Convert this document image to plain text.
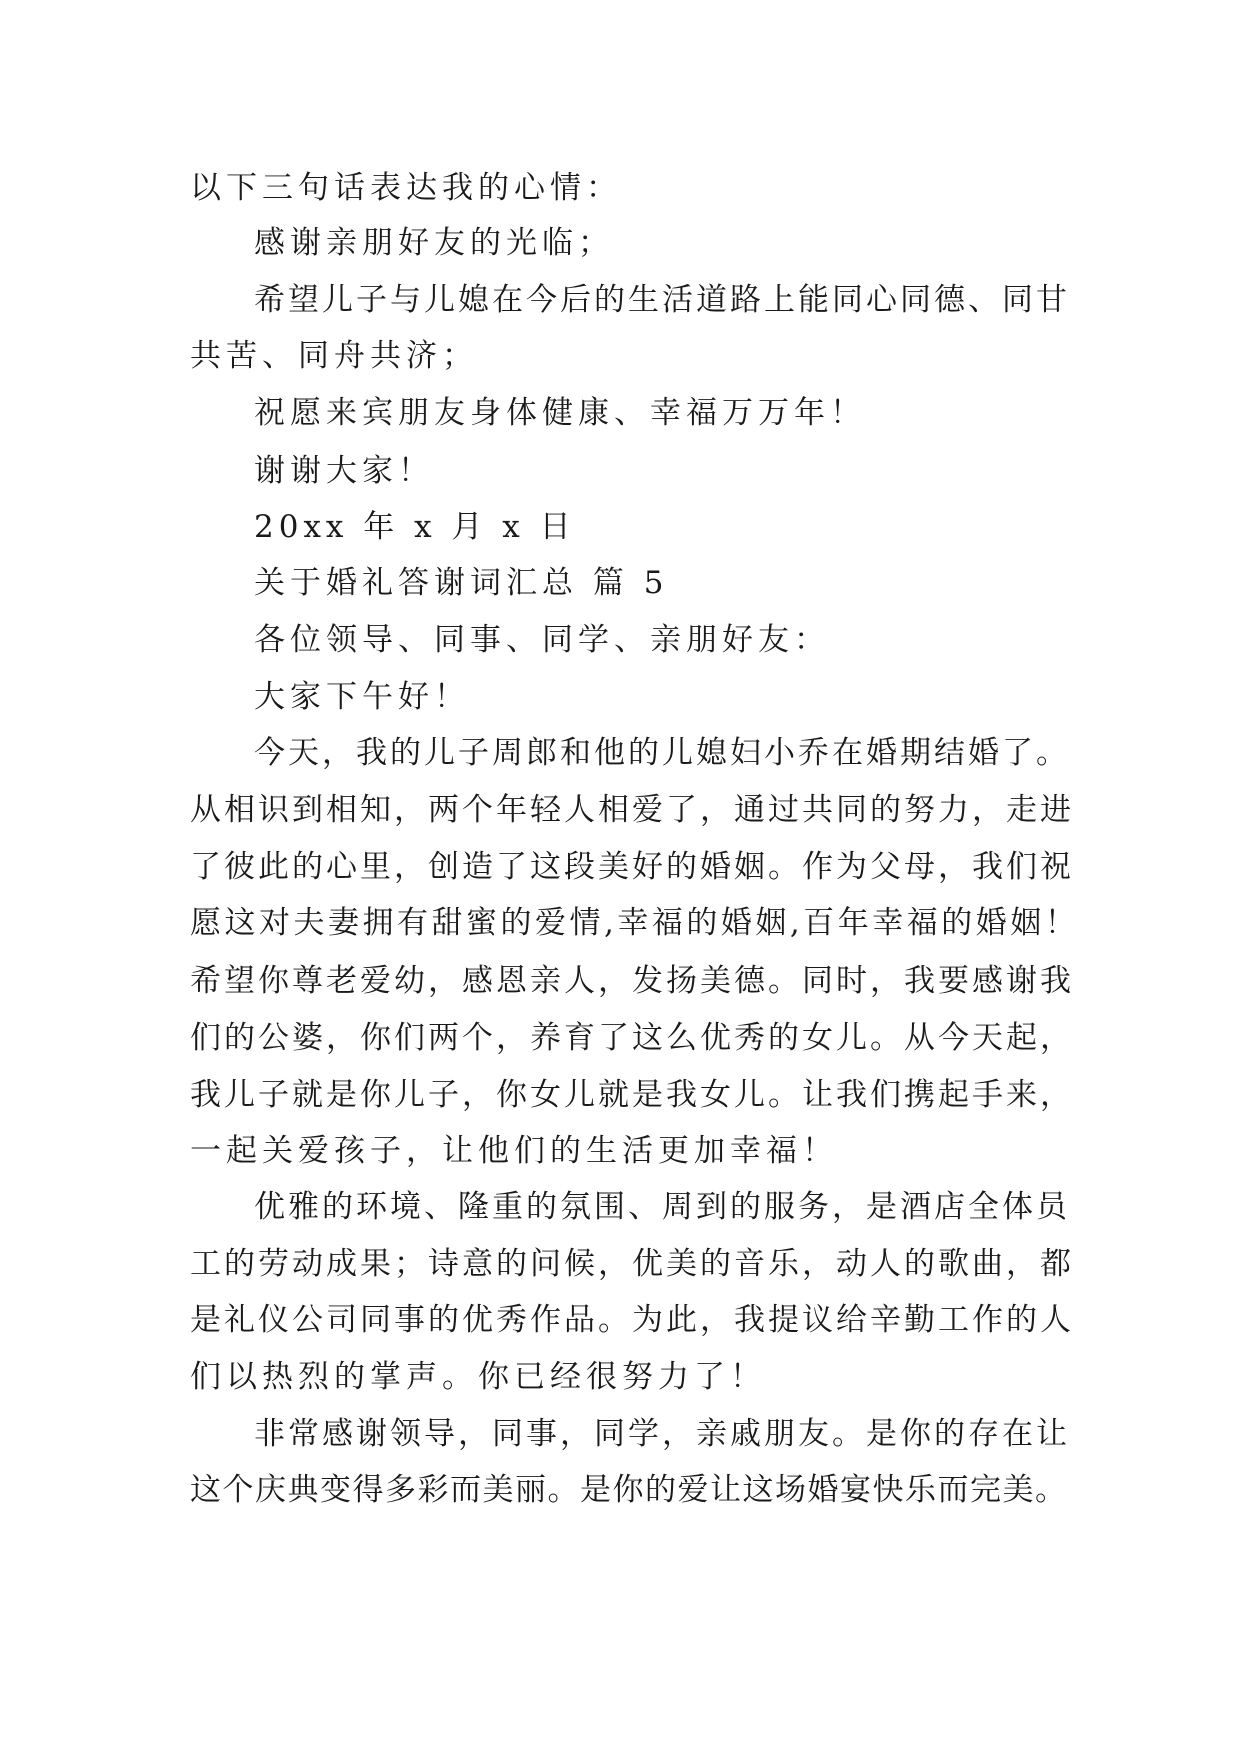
以下三句话表达我的心情：
感谢亲朋好友的光临；
希望儿子与儿媳在今后的生活道路上能同心同德、同甘
共苦、同舟共济；
祝愿来宾朋友身体健康、幸福万万年！
谢谢大家！
20xx 年 x 月 x 日
关于婚礼答谢词汇总 篇 5
各位领导、同事、同学、亲朋好友：
大家下午好！
今天，我的儿子周郎和他的儿媳妇小乔在婚期结婚了。
从相识到相知，两个年轻人相爱了，通过共同的努力，走进
了彼此的心里，创造了这段美好的婚姻。作为父母，我们祝
愿这对夫妻拥有甜蜜的爱情,幸福的婚姻,百年幸福的婚姻！
希望你尊老爱幼，感恩亲人，发扬美德。同时，我要感谢我
们的公婆，你们两个，养育了这么优秀的女儿。从今天起，
我儿子就是你儿子，你女儿就是我女儿。让我们携起手来，
一起关爱孩子，让他们的生活更加幸福！
优雅的环境、隆重的氛围、周到的服务，是酒店全体员
工的劳动成果；诗意的问候，优美的音乐，动人的歌曲，都
是礼仪公司同事的优秀作品。为此，我提议给辛勤工作的人
们以热烈的掌声。你已经很努力了！
非常感谢领导，同事，同学，亲戚朋友。是你的存在让
这个庆典变得多彩而美丽。是你的爱让这场婚宴快乐而完美。
